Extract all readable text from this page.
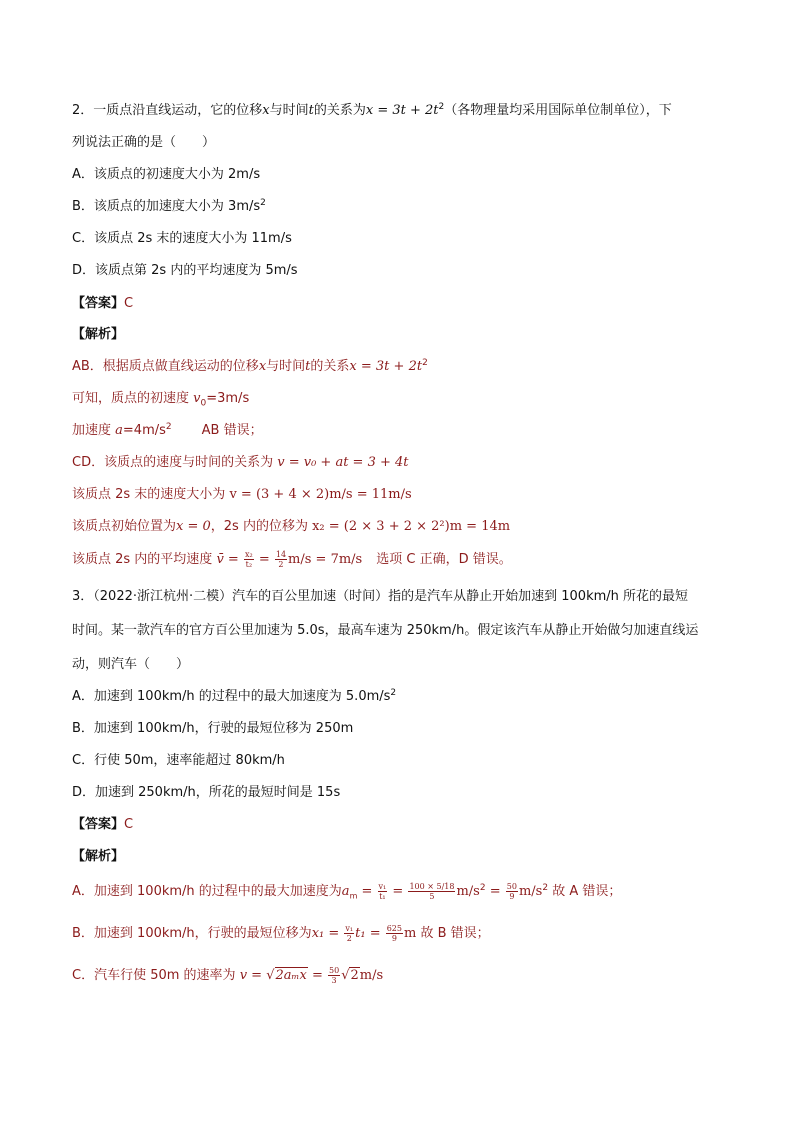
2．一质点沿直线运动，它的位移x与时间t的关系为$x = 3t + 2t^2$（各物理量均采用国际单位制单位），下
列说法正确的是（　　）
A．该质点的初速度大小为 2m/s
B．该质点的加速度大小为 $3m/s^2$
C．该质点 2s 末的速度大小为 11m/s
D．该质点第 2s 内的平均速度为 5m/s
【答案】C
【解析】
AB．根据质点做直线运动的位移x与时间t的关系$x = 3t + 2t^2$
可知，质点的初速度 $v_0=3m/s$
加速度 $a=4m/s^2$ AB 错误；
CD．该质点的速度与时间的关系为 v = v₀ + at = 3 + 4t
该质点 2s 末的速度大小为 v = (3 + 4 × 2)m/s = 11m/s
该质点初始位置为x = 0，2s 内的位移为 x₂ = (2 × 3 + 2 × 2²)m = 14m
该质点 2s 内的平均速度 v̄ = $\frac{\text{x₂}}{\text{t₂}} = \frac{14}{2} m/s = 7m/s$ 选项 C 正确，D 错误。
3．（2022·浙江杭州·二模）汽车的百公里加速（时间）指的是汽车从静止开始加速到 100km/h 所花的最短
时间。某一款汽车的官方百公里加速为 5.0s，最高车速为 250km/h。假定该汽车从静止开始做匀加速直线运
动，则汽车（　　）
A．加速到 100km/h 的过程中的最大加速度为 $5.0m/s^2$
B．加速到 100km/h，行驶的最短位移为 250m
C．行使 50m，速率能超过 80km/h
D．加速到 250km/h，所花的最短时间是 15s
【答案】C
【解析】
A．加速到 100km/h 的过程中的最大加速度为$a_m = \frac{\text{v₁}}{\text{t₁}} = \frac{100 \times 5/18}{5} m/s^2 = \frac{50}{9} m/s^2$ 故 A 错误；
B．加速到 100km/h，行驶的最短位移为$x_1 = \frac{\text{v₁}}{2} t_1 = \frac{625}{9}$ m 故 B 错误；
C．汽车行使 50m 的速率为 $v = √2a_mx = \frac{50}{3} √2m/s$
